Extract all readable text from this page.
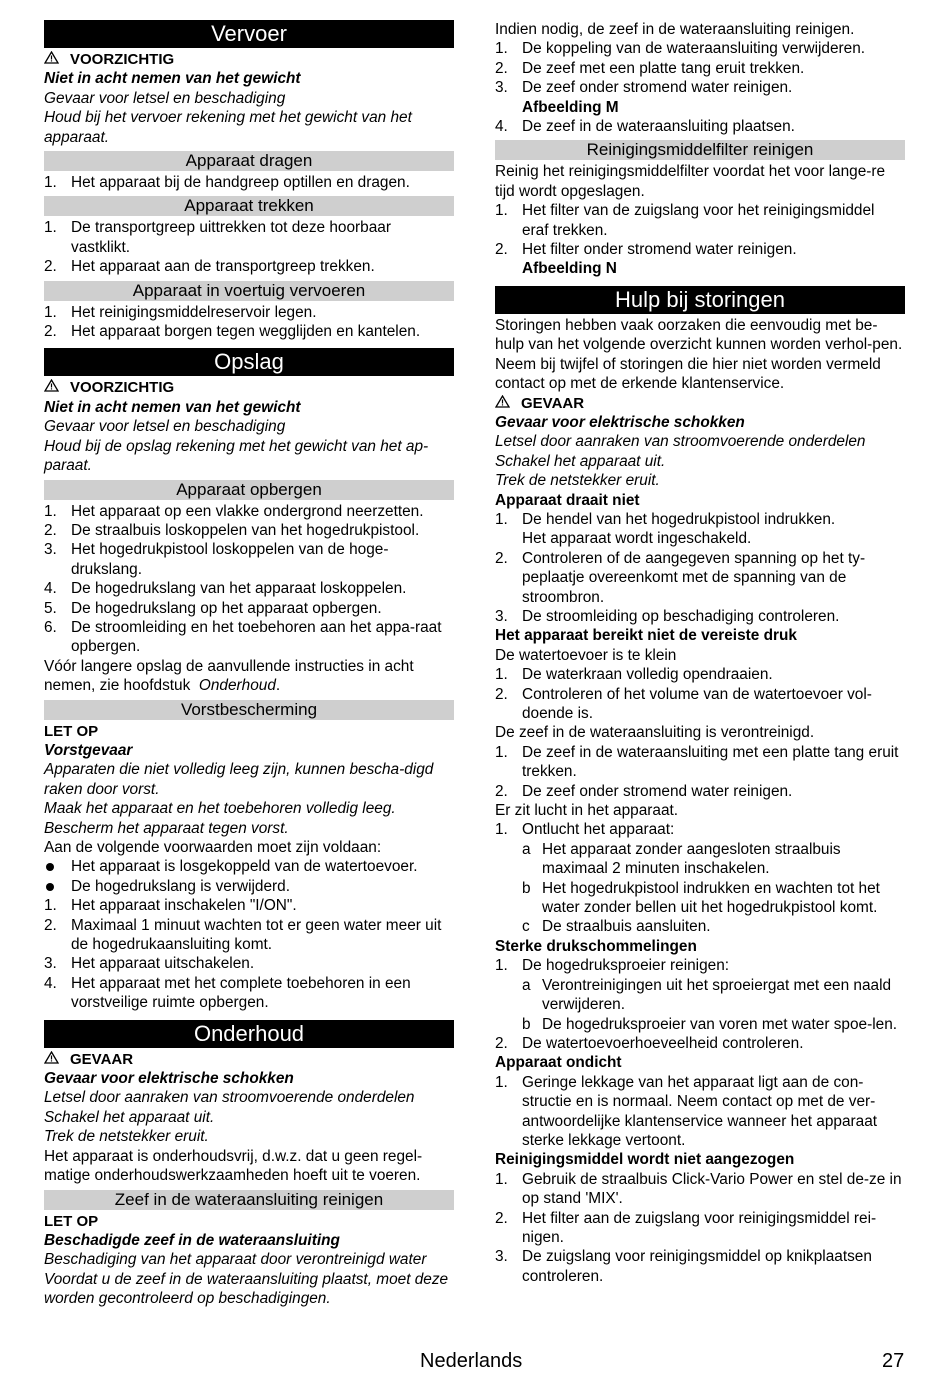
Vervoer
VOORZICHTIG
Niet in acht nemen van het gewicht
Gevaar voor letsel en beschadiging
Houd bij het vervoer rekening met het gewicht van het apparaat.
Apparaat dragen
1. Het apparaat bij de handgreep optillen en dragen.
Apparaat trekken
1. De transportgreep uittrekken tot deze hoorbaar vastklikt.
2. Het apparaat aan de transportgreep trekken.
Apparaat in voertuig vervoeren
1. Het reinigingsmiddelreservoir legen.
2. Het apparaat borgen tegen wegglijden en kantelen.
Opslag
VOORZICHTIG
Niet in acht nemen van het gewicht
Gevaar voor letsel en beschadiging
Houd bij de opslag rekening met het gewicht van het ap-paraat.
Apparaat opbergen
1. Het apparaat op een vlakke ondergrond neerzetten.
2. De straalbuis loskoppelen van het hogedrukpistool.
3. Het hogedrukpistool loskoppelen van de hoge-drukslang.
4. De hogedrukslang van het apparaat loskoppelen.
5. De hogedrukslang op het apparaat opbergen.
6. De stroomleiding en het toebehoren aan het appa-raat opbergen.
Vóór langere opslag de aanvullende instructies in acht nemen, zie hoofdstuk Onderhoud.
Vorstbescherming
LET OP
Vorstgevaar
Apparaten die niet volledig leeg zijn, kunnen bescha-digd raken door vorst.
Maak het apparaat en het toebehoren volledig leeg.
Bescherm het apparaat tegen vorst.
Aan de volgende voorwaarden moet zijn voldaan:
Het apparaat is losgekoppeld van de watertoevoer.
De hogedrukslang is verwijderd.
1. Het apparaat inschakelen "I/ON".
2. Maximaal 1 minuut wachten tot er geen water meer uit de hogedrukaansluiting komt.
3. Het apparaat uitschakelen.
4. Het apparaat met het complete toebehoren in een vorstveilige ruimte opbergen.
Onderhoud
GEVAAR
Gevaar voor elektrische schokken
Letsel door aanraken van stroomvoerende onderdelen
Schakel het apparaat uit.
Trek de netstekker eruit.
Het apparaat is onderhoudsvrij, d.w.z. dat u geen regel-matige onderhoudswerkzaamheden hoeft uit te voeren.
Zeef in de wateraansluiting reinigen
LET OP
Beschadigde zeef in de wateraansluiting
Beschadiging van het apparaat door verontreinigd water
Voordat u de zeef in de wateraansluiting plaatst, moet deze worden gecontroleerd op beschadigingen.
Indien nodig, de zeef in de wateraansluiting reinigen.
1. De koppeling van de wateraansluiting verwijderen.
2. De zeef met een platte tang eruit trekken.
3. De zeef onder stromend water reinigen.
Afbeelding M
4. De zeef in de wateraansluiting plaatsen.
Reinigingsmiddelfilter reinigen
Reinig het reinigingsmiddelfilter voordat het voor lange-re tijd wordt opgeslagen.
1. Het filter van de zuigslang voor het reinigingsmiddel eraf trekken.
2. Het filter onder stromend water reinigen.
Afbeelding N
Hulp bij storingen
Storingen hebben vaak oorzaken die eenvoudig met be-hulp van het volgende overzicht kunnen worden verhol-pen. Neem bij twijfel of storingen die hier niet worden vermeld contact op met de erkende klantenservice.
GEVAAR
Gevaar voor elektrische schokken
Letsel door aanraken van stroomvoerende onderdelen
Schakel het apparaat uit.
Trek de netstekker eruit.
Apparaat draait niet
1. De hendel van het hogedrukpistool indrukken.
Het apparaat wordt ingeschakeld.
2. Controleren of de aangegeven spanning op het ty-peplaatje overeenkomt met de spanning van de stroombron.
3. De stroomleiding op beschadiging controleren.
Het apparaat bereikt niet de vereiste druk
De watertoevoer is te klein
1. De waterkraan volledig opendraaien.
2. Controleren of het volume van de watertoevoer vol-doende is.
De zeef in de wateraansluiting is verontreinigd.
1. De zeef in de wateraansluiting met een platte tang eruit trekken.
2. De zeef onder stromend water reinigen.
Er zit lucht in het apparaat.
1. Ontlucht het apparaat:
a Het apparaat zonder aangesloten straalbuis maximaal 2 minuten inschakelen.
b Het hogedrukpistool indrukken en wachten tot het water zonder bellen uit het hogedrukpistool komt.
c De straalbuis aansluiten.
Sterke drukschommelingen
1. De hogedruksproeier reinigen:
a Verontreinigingen uit het sproeiergat met een naald verwijderen.
b De hogedruksproeier van voren met water spoe-len.
2. De watertoevoerhoeveelheid controleren.
Apparaat ondicht
1. Geringe lekkage van het apparaat ligt aan de con-structie en is normaal. Neem contact op met de ver-antwoordelijke klantenservice wanneer het apparaat sterke lekkage vertoont.
Reinigingsmiddel wordt niet aangezogen
1. Gebruik de straalbuis Click-Vario Power en stel de-ze in op stand 'MIX'.
2. Het filter aan de zuigslang voor reinigingsmiddel rei-nigen.
3. De zuigslang voor reinigingsmiddel op knikplaatsen controleren.
Nederlands	27
